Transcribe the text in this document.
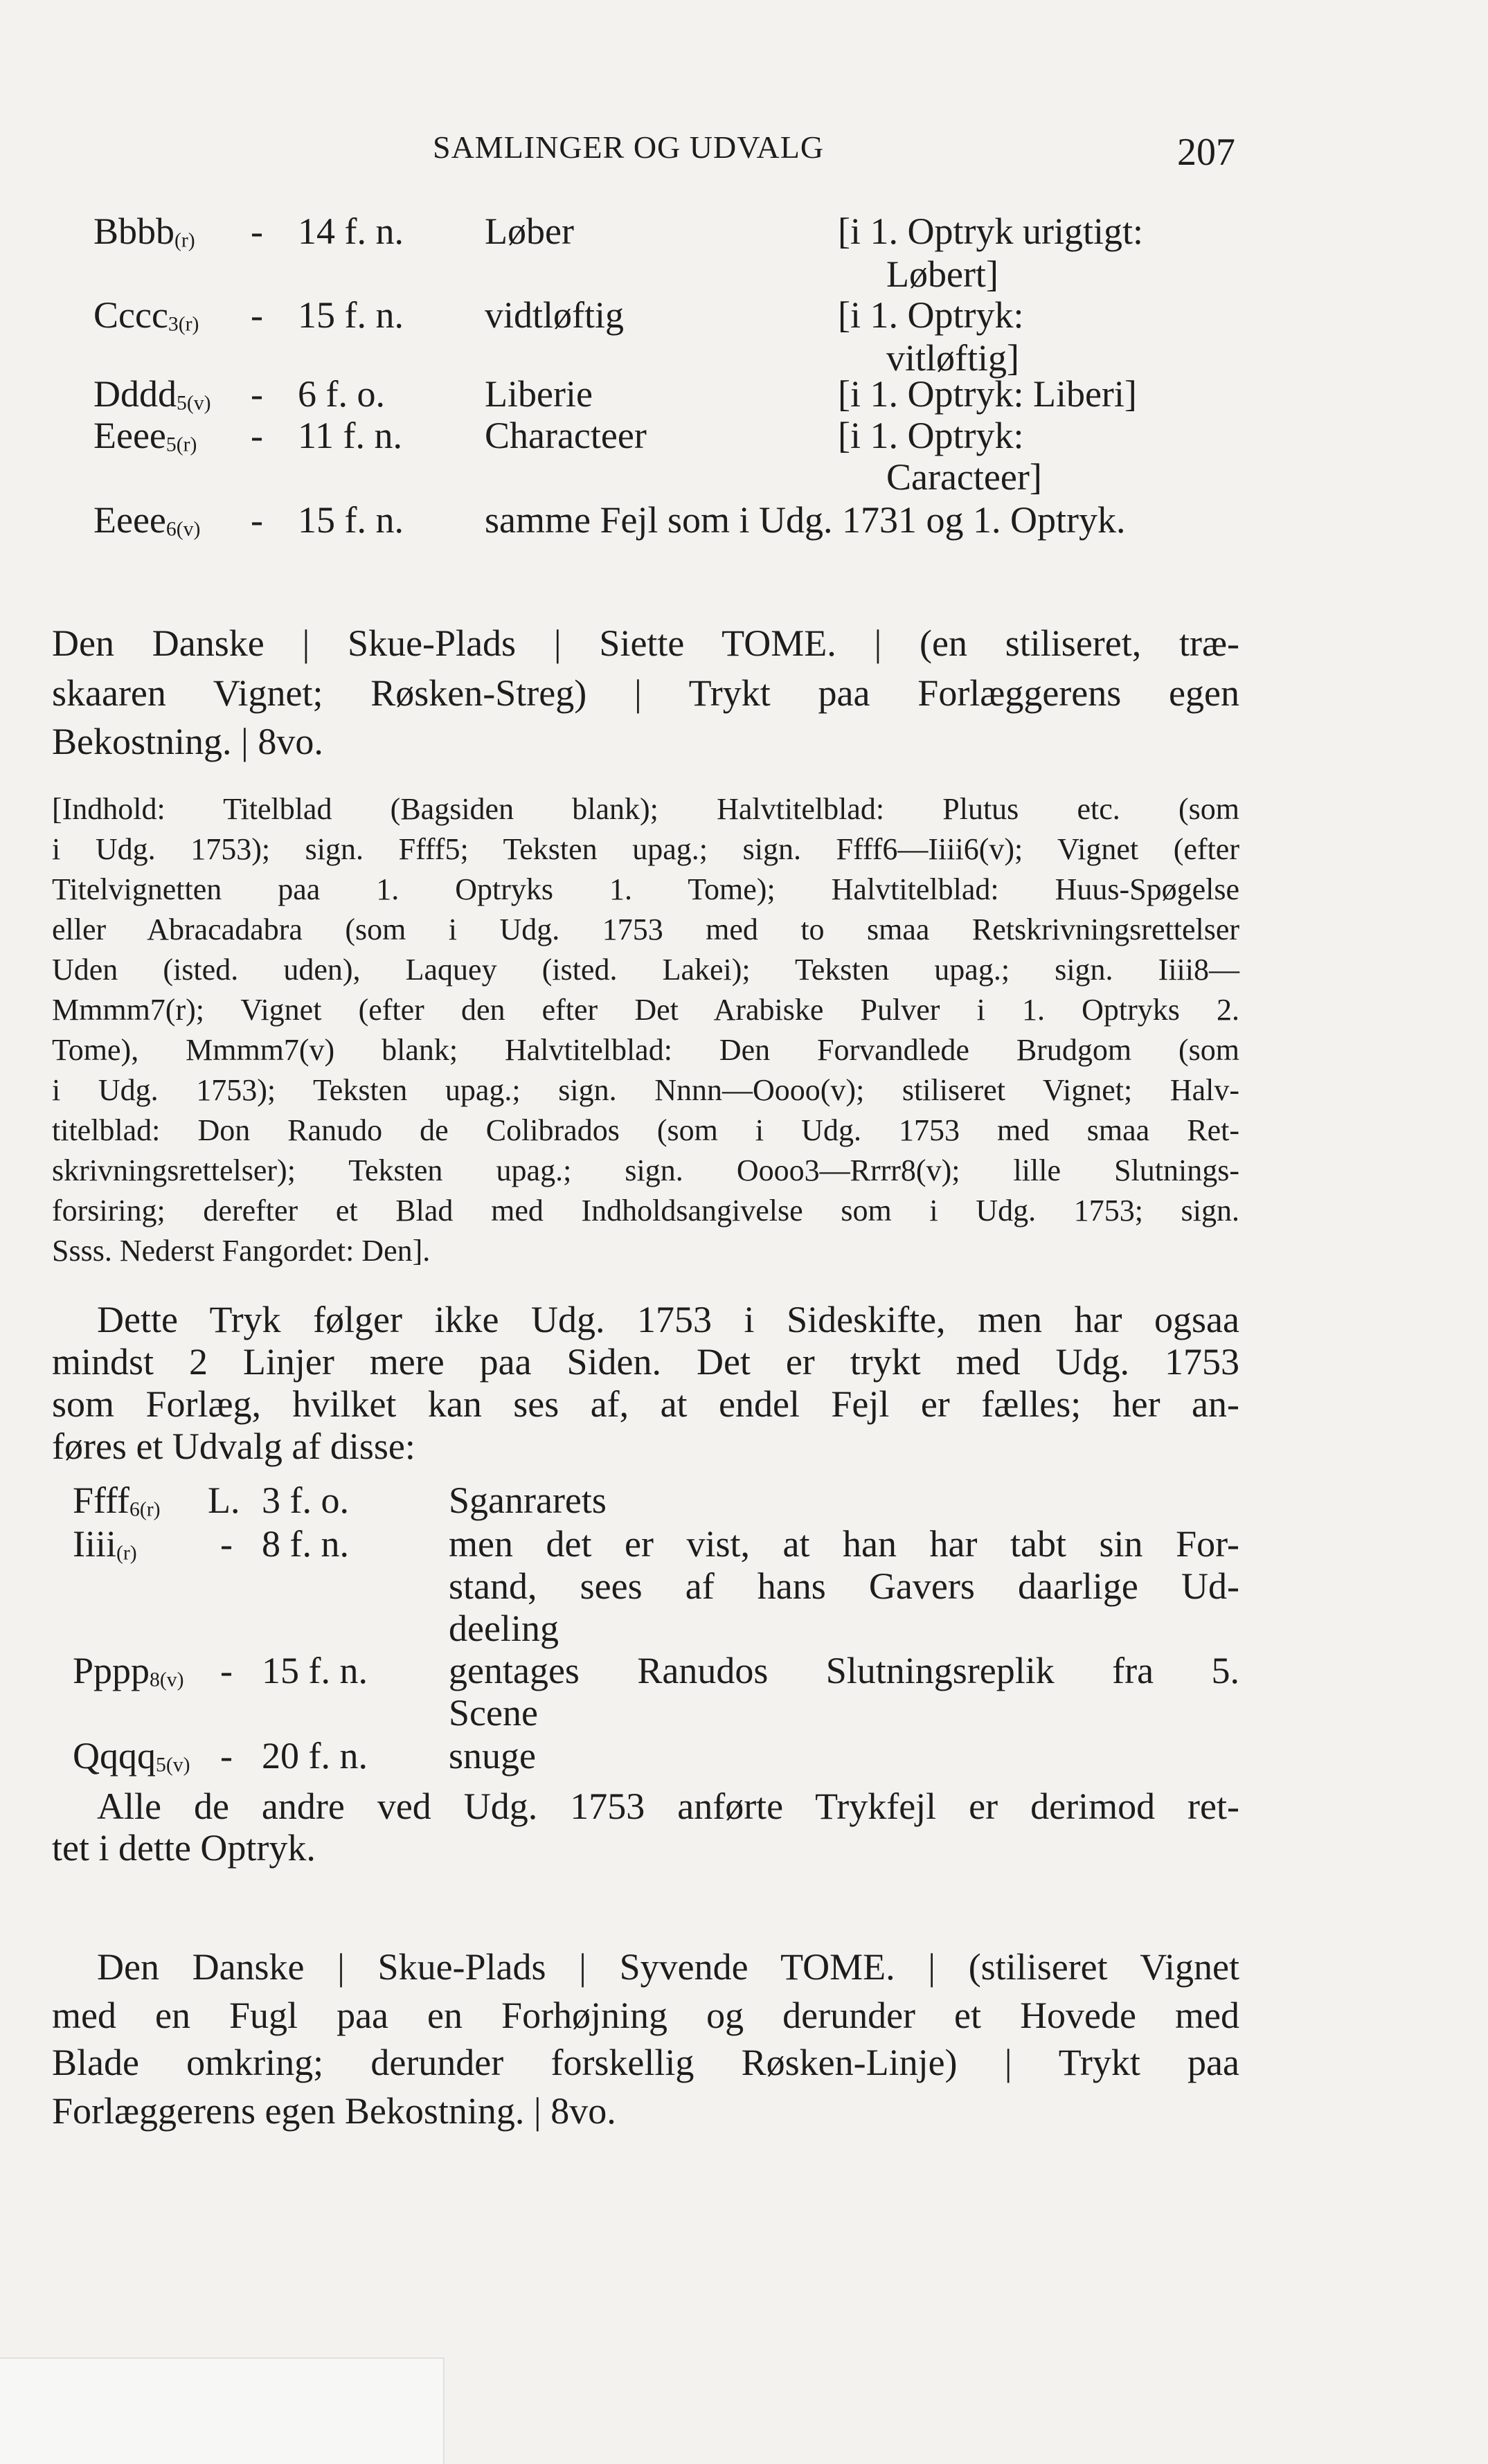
SAMLINGER OG UDVALG	207
Bbbb(r) - 14 f. n. Løber	[i 1. Optryk urigtigt:
Løbert]
Cccc3(r) - 15 f. n. vidtløftig	[i 1. Optryk:
vitløftig]
Dddd5(v) - 6 f. o.	Liberie	[i 1. Optryk: Liberi]
Eeee5(r) - 11 f. n. Characteer	[i 1. Optryk:
Caracteer]
Eeee6(v) - 15 f. n. samme Fejl som i Udg. 1731 og 1. Optryk.
Den Danske | Skue-Plads | Siette TOME. | (en stiliseret, træ-
skaaren Vignet; Røsken-Streg) | Trykt paa Forlæggerens egen
Bekostning. | 8vo.
[Indhold: Titelblad (Bagsiden blank); Halvtitelblad: Plutus etc. (som
i Udg. 1753); sign. Ffff5; Teksten upag.; sign. Ffff6—Iiii6(v); Vignet (efter
Titelvignetten paa 1. Optryks 1. Tome); Halvtitelblad: Huus-Spøgelse
eller Abracadabra (som i Udg. 1753 med to smaa Retskrivningsrettelser
Uden (isted. uden), Laquey (isted. Lakei); Teksten upag.; sign. Iiii8—
Mmmm7(r); Vignet (efter den efter Det Arabiske Pulver i 1. Optryks 2.
Tome), Mmmm7(v) blank; Halvtitelblad: Den Forvandlede Brudgom (som
i Udg. 1753); Teksten upag.; sign. Nnnn—Oooo(v); stiliseret Vignet; Halv-
titelblad: Don Ranudo de Colibrados (som i Udg. 1753 med smaa Ret-
skrivningsrettelser); Teksten upag.; sign. Oooo3—Rrrr8(v); lille Slutnings-
forsiring; derefter et Blad med Indholdsangivelse som i Udg. 1753; sign.
Ssss. Nederst Fangordet: Den].
Dette Tryk følger ikke Udg. 1753 i Sideskifte, men har ogsaa
mindst 2 Linjer mere paa Siden. Det er trykt med Udg. 1753
som Forlæg, hvilket kan ses af, at endel Fejl er fælles; her an-
føres et Udvalg af disse:
Ffff6(r) L. 3 f. o.	Sganrarets
Iiii(r) - 8 f. n.	men det er vist, at han har tabt sin For-
stand, sees af hans Gavers daarlige Ud-
deeling
Pppp8(v) - 15 f. n. gentages Ranudos Slutningsreplik fra 5.
Scene
Qqqq5(v) - 20 f. n. snuge
Alle de andre ved Udg. 1753 anførte Trykfejl er derimod ret-
tet i dette Optryk.
Den Danske | Skue-Plads | Syvende TOME. | (stiliseret Vignet
med en Fugl paa en Forhøjning og derunder et Hovede med
Blade omkring; derunder forskellig Røsken-Linje) | Trykt paa
Forlæggerens egen Bekostning. | 8vo.
